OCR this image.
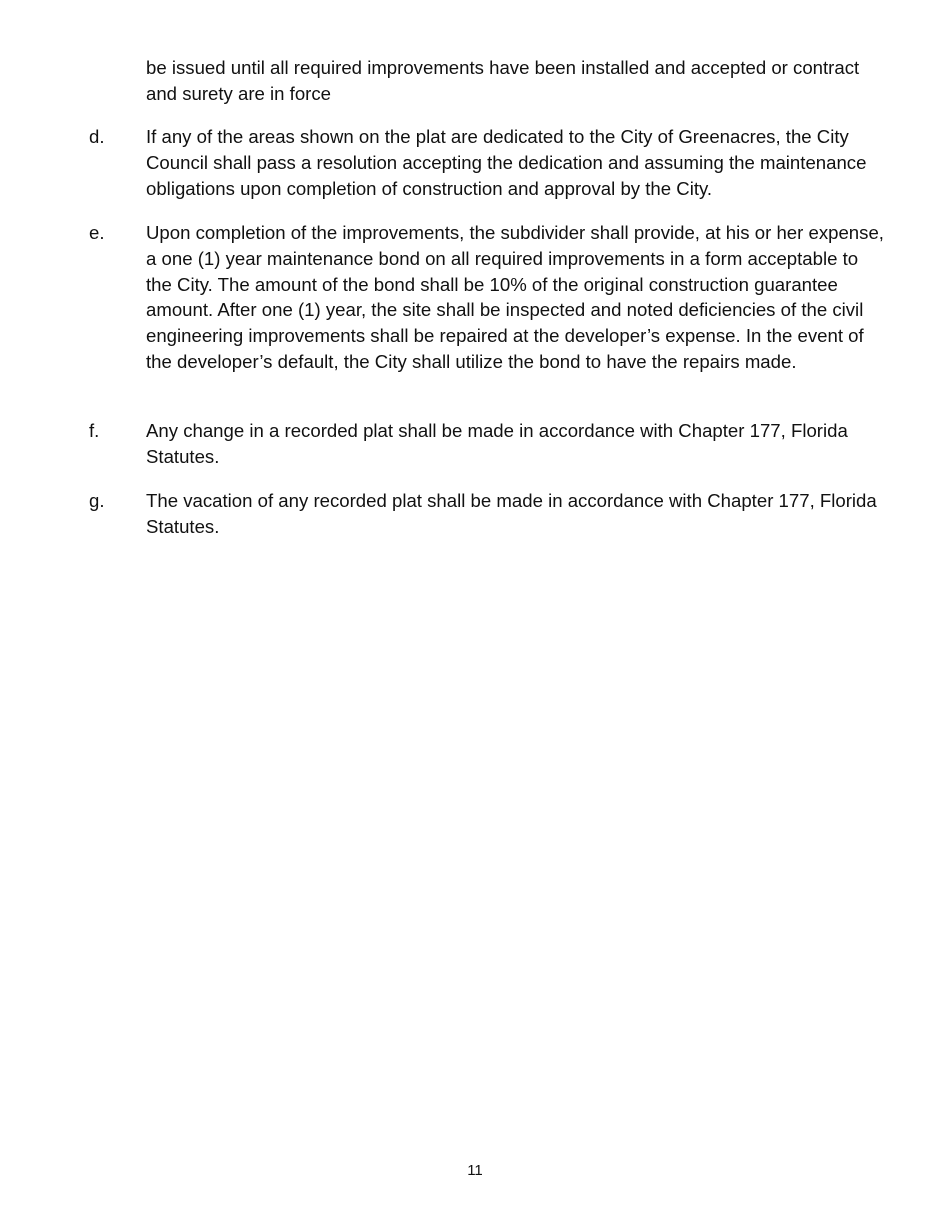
be issued until all required improvements have been installed and accepted or contract and surety are in force
d.	If any of the areas shown on the plat are dedicated to the City of Greenacres, the City Council shall pass a resolution accepting the dedication and assuming the maintenance obligations upon completion of construction and approval by the City.
e.	Upon completion of the improvements, the subdivider shall provide, at his or her expense, a one (1) year maintenance bond on all required improvements in a form acceptable to the City. The amount of the bond shall be 10% of the original construction guarantee amount. After one (1) year, the site shall be inspected and noted deficiencies of the civil engineering improvements shall be repaired at the developer’s expense. In the event of the developer’s default, the City shall utilize the bond to have the repairs made.
f.	Any change in a recorded plat shall be made in accordance with Chapter 177, Florida Statutes.
g.	The vacation of any recorded plat shall be made in accordance with Chapter 177, Florida Statutes.
11
